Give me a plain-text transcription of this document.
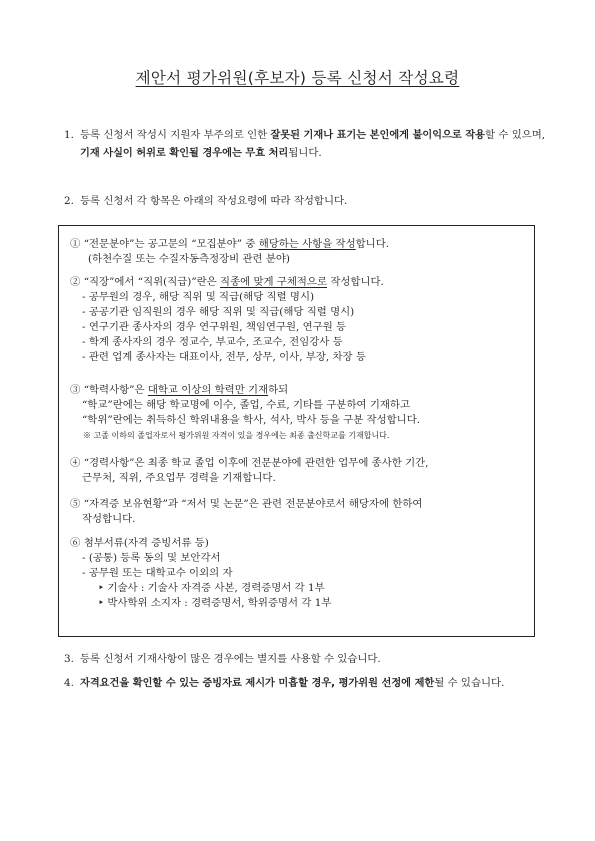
제안서 평가위원(후보자) 등록 신청서 작성요령
1. 등록 신청서 작성시 지원자 부주의로 인한 잘못된 기재나 표기는 본인에게 불이익으로 작용할 수 있으며, 기재 사실이 허위로 확인될 경우에는 무효 처리됩니다.
2. 등록 신청서 각 항목은 아래의 작성요령에 따라 작성합니다.
① “전문분야”는 공고문의 “모집분야” 중 해당하는 사항을 작성합니다.
(하천수질 또는 수질자동측정장비 관련 분야)
② “직장”에서 “직위(직급)”란은 직종에 맞게 구체적으로 작성합니다.
- 공무원의 경우, 해당 직위 및 직급(해당 직렬 명시)
- 공공기관 임직원의 경우 해당 직위 및 직급(해당 직렬 명시)
- 연구기관 종사자의 경우 연구위원, 책임연구원, 연구원 등
- 학계 종사자의 경우 정교수, 부교수, 조교수, 전임강사 등
- 관련 업계 종사자는 대표이사, 전무, 상무, 이사, 부장, 차장 등
③ “학력사항”은 대학교 이상의 학력만 기재하되
“학교”란에는 해당 학교명에 이수, 졸업, 수료, 기타를 구분하여 기재하고
“학위”란에는 취득하신 학위내용을 학사, 석사, 박사 등을 구분 작성합니다.
※ 고졸 이하의 졸업자로서 평가위원 자격이 있을 경우에는 최종 출신학교를 기재합니다.
④ “경력사항”은 최종 학교 졸업 이후에 전문분야에 관련한 업무에 종사한 기간,
근무처, 직위, 주요업무 경력을 기재합니다.
⑤ “자격증 보유현황”과 “저서 및 논문”은 관련 전문분야로서 해당자에 한하여
작성합니다.
⑥ 첨부서류(자격 증빙서류 등)
- (공통) 등록 동의 및 보안각서
- 공무원 또는 대학교수 이외의 자
‣ 기술사 : 기술사 자격증 사본, 경력증명서 각 1부
‣ 박사학위 소지자 : 경력증명서, 학위증명서 각 1부
3. 등록 신청서 기재사항이 많은 경우에는 별지를 사용할 수 있습니다.
4. 자격요건을 확인할 수 있는 증빙자료 제시가 미흡할 경우, 평가위원 선정에 제한될 수 있습니다.
